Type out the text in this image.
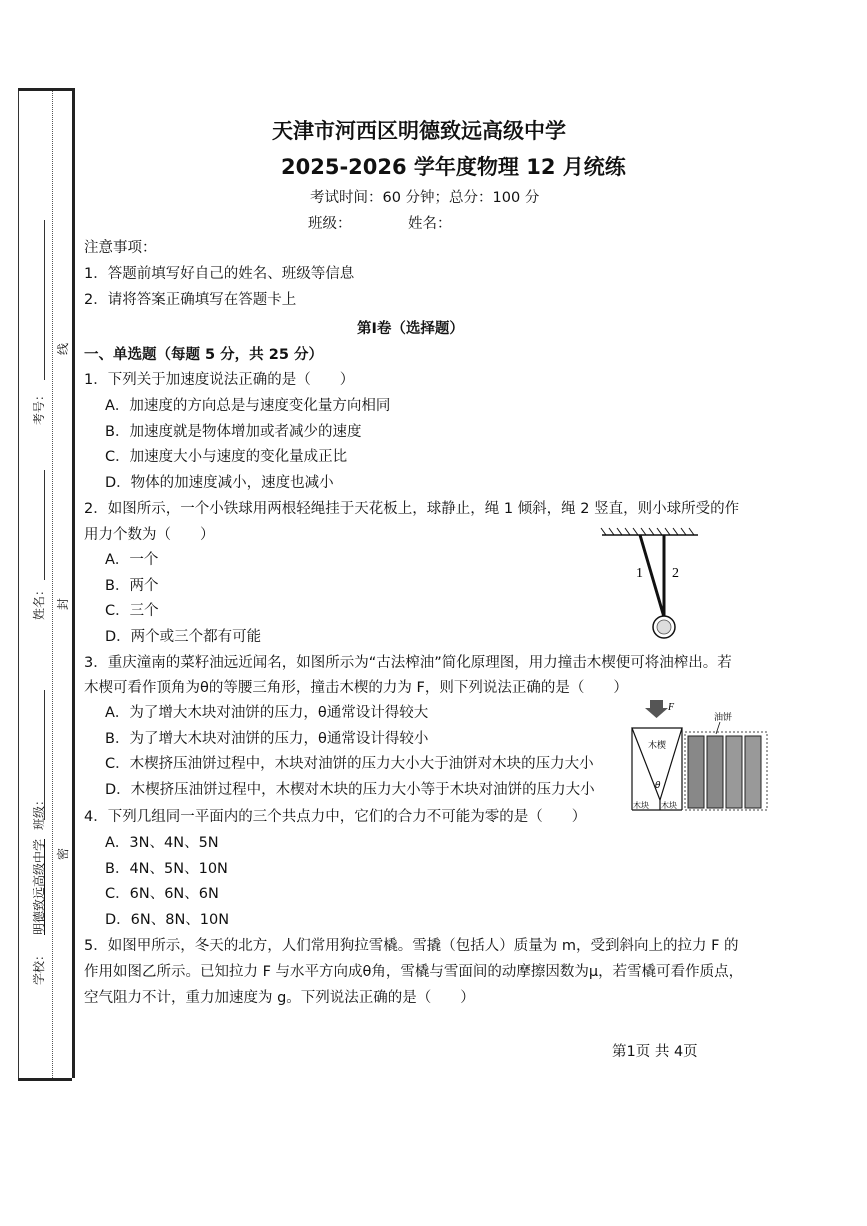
学校：
明德致远高级中学
班级：
姓名：
考号：
密
封
线
天津市河西区明德致远高级中学
2025-2026 学年度物理 12 月统练
考试时间：60 分钟；总分：100 分
班级：	姓名：
注意事项：
1．答题前填写好自己的姓名、班级等信息
2．请将答案正确填写在答题卡上
第Ⅰ卷（选择题）
一、单选题（每题 5 分，共 25 分）
1．下列关于加速度说法正确的是（　　）
A．加速度的方向总是与速度变化量方向相同
B．加速度就是物体增加或者减少的速度
C．加速度大小与速度的变化量成正比
D．物体的加速度减小，速度也减小
2．如图所示，一个小铁球用两根轻绳挂于天花板上，球静止，绳 1 倾斜，绳 2 竖直，则小球所受的作
用力个数为（　　）
A．一个
B．两个
C．三个
D．两个或三个都有可能
1 2
3．重庆潼南的菜籽油远近闻名，如图所示为“古法榨油”简化原理图，用力撞击木楔便可将油榨出。若
木楔可看作顶角为θ的等腰三角形，撞击木楔的力为 F，则下列说法正确的是（　　）
A．为了增大木块对油饼的压力，θ通常设计得较大
B．为了增大木块对油饼的压力，θ通常设计得较小
C．木楔挤压油饼过程中，木块对油饼的压力大小大于油饼对木块的压力大小
D．木楔挤压油饼过程中，木楔对木块的压力大小等于木块对油饼的压力大小
F
木楔
θ
木块 木块
油饼
4．下列几组同一平面内的三个共点力中，它们的合力不可能为零的是（　　）
A．3N、4N、5N
B．4N、5N、10N
C．6N、6N、6N
D．6N、8N、10N
5．如图甲所示，冬天的北方，人们常用狗拉雪橇。雪撬（包括人）质量为 m，受到斜向上的拉力 F 的
作用如图乙所示。已知拉力 F 与水平方向成θ角，雪橇与雪面间的动摩擦因数为μ，若雪橇可看作质点，
空气阻力不计，重力加速度为 g。下列说法正确的是（　　）
第1页 共 4页
